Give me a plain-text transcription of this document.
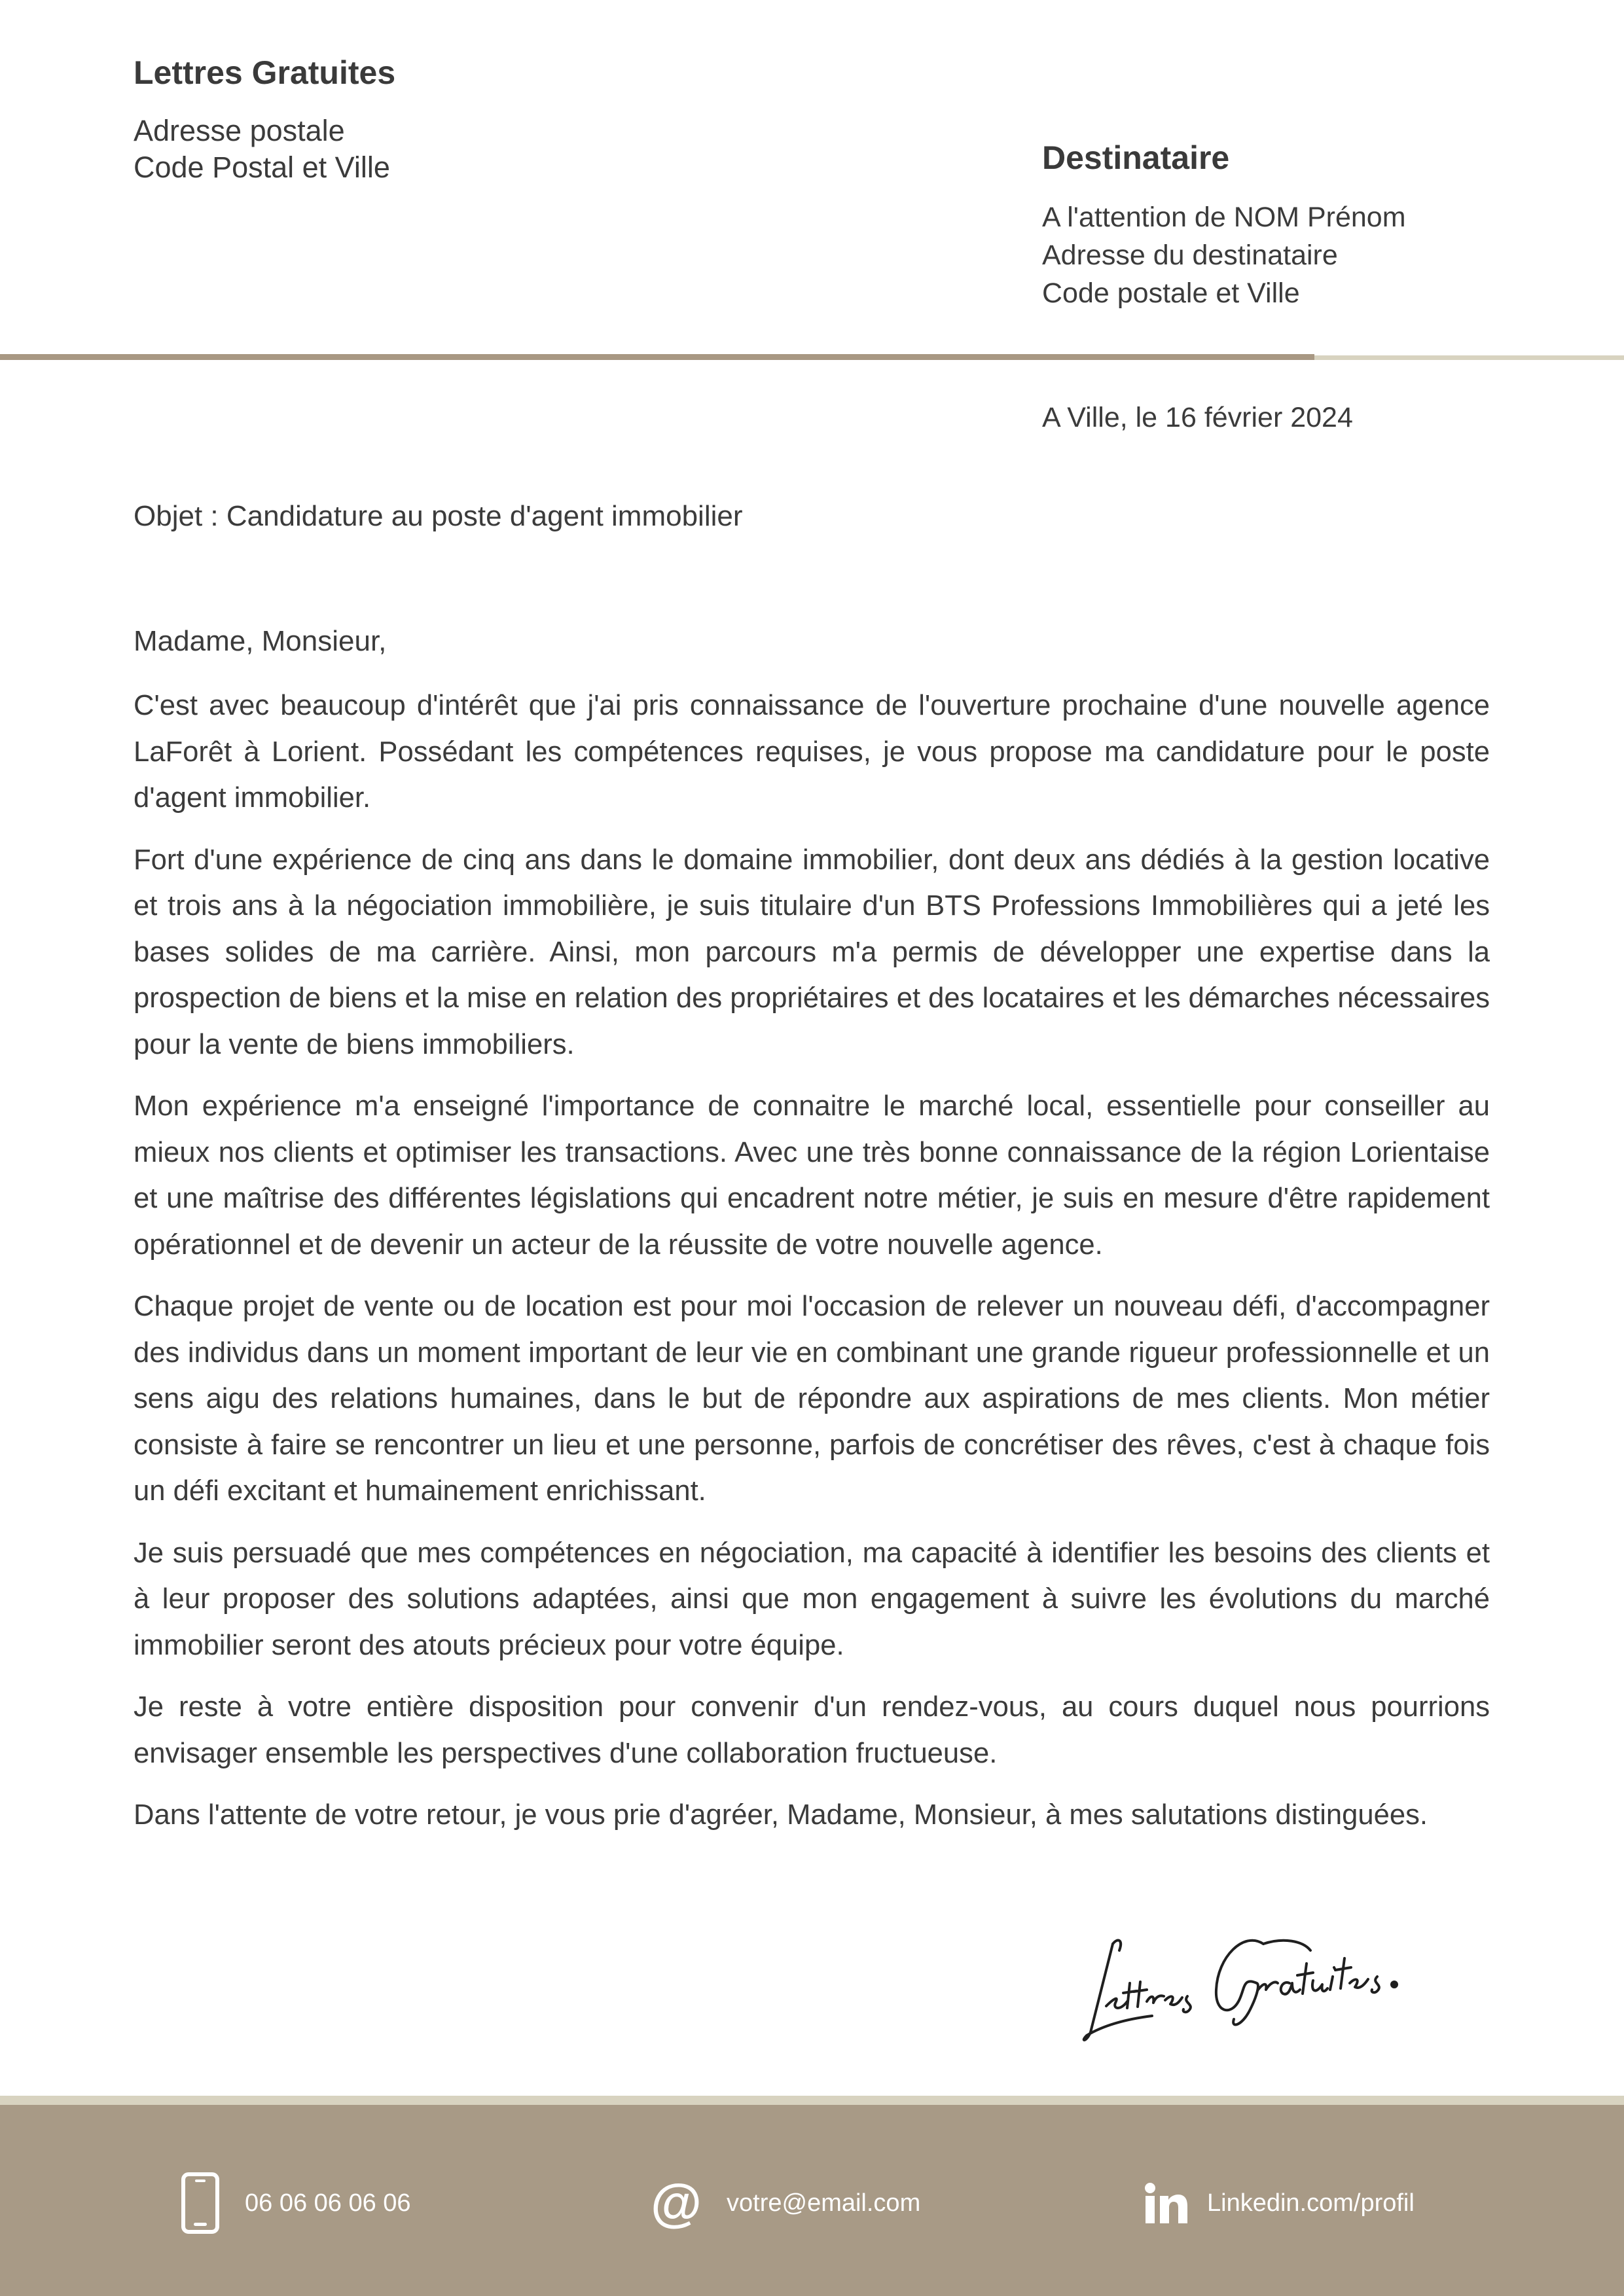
Lettres Gratuites
Adresse postale
Code Postal et Ville	Destinataire
A l'attention de NOM Prénom
Adresse du destinataire
Code postale et Ville
A Ville, le 16 février 2024
Objet : Candidature au poste d'agent immobilier
Madame, Monsieur,

C'est avec beaucoup d'intérêt que j'ai pris connaissance de l'ouverture prochaine d'une nouvelle agence LaForêt à Lorient. Possédant les compétences requises, je vous propose ma candidature pour le poste d'agent immobilier.

Fort d'une expérience de cinq ans dans le domaine immobilier, dont deux ans dédiés à la gestion locative et trois ans à la négociation immobilière, je suis titulaire d'un BTS Professions Immobilières qui a jeté les bases solides de ma carrière. Ainsi, mon parcours m'a permis de développer une expertise dans la prospection de biens et la mise en relation des propriétaires et des locataires et les démarches nécessaires pour la vente de biens immobiliers.

Mon expérience m'a enseigné l'importance de connaitre le marché local, essentielle pour conseiller au mieux nos clients et optimiser les transactions. Avec une très bonne connaissance de la région Lorientaise et une maîtrise des différentes législations qui encadrent notre métier, je suis en mesure d'être rapidement opérationnel et de devenir un acteur de la réussite de votre nouvelle agence.

Chaque projet de vente ou de location est pour moi l'occasion de relever un nouveau défi, d'accompagner des individus dans un moment important de leur vie en combinant une grande rigueur professionnelle et un sens aigu des relations humaines, dans le but de répondre aux aspirations de mes clients. Mon métier consiste à faire se rencontrer un lieu et une personne, parfois de concrétiser des rêves, c'est à chaque fois un défi excitant et humainement enrichissant.

Je suis persuadé que mes compétences en négociation, ma capacité à identifier les besoins des clients et à leur proposer des solutions adaptées, ainsi que mon engagement à suivre les évolutions du marché immobilier seront des atouts précieux pour votre équipe.

Je reste à votre entière disposition pour convenir d'un rendez-vous, au cours duquel nous pourrions envisager ensemble les perspectives d'une collaboration fructueuse.

Dans l'attente de votre retour, je vous prie d'agréer, Madame, Monsieur, à mes salutations distinguées.

06 06 06 06 06	@ votre@email.com	Linkedin.com/profil
